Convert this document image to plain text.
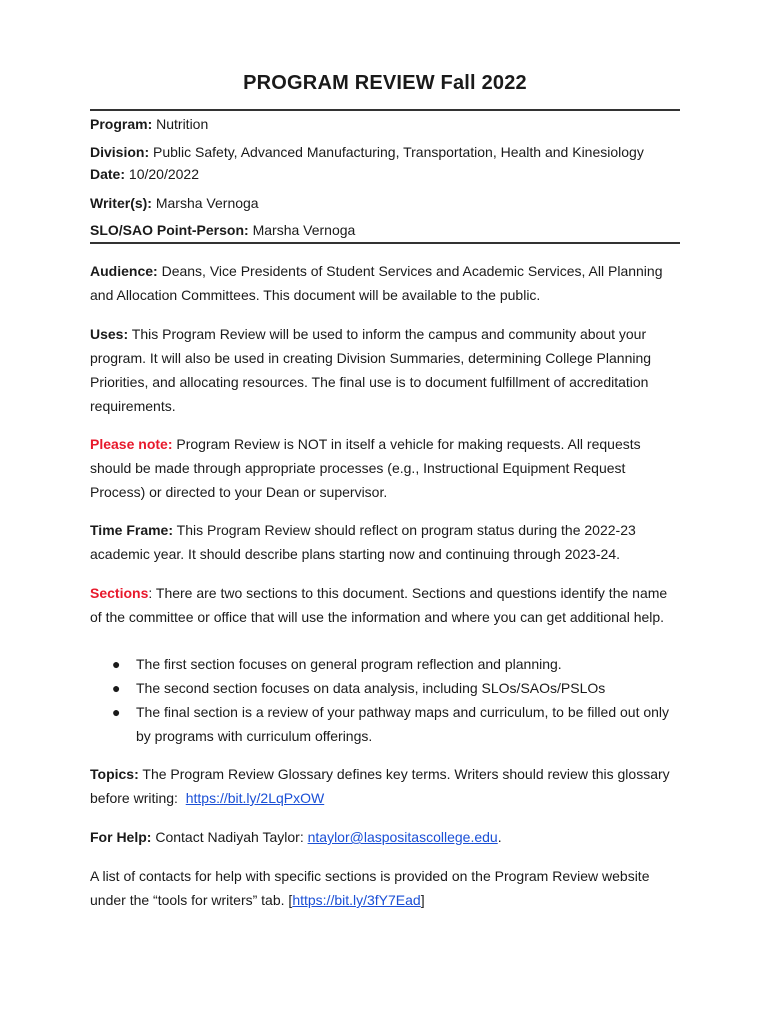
PROGRAM REVIEW Fall 2022
Program: Nutrition
Division: Public Safety, Advanced Manufacturing, Transportation, Health and Kinesiology
Date: 10/20/2022
Writer(s): Marsha Vernoga
SLO/SAO Point-Person: Marsha Vernoga

Audience: Deans, Vice Presidents of Student Services and Academic Services, All Planning and Allocation Committees. This document will be available to the public.

Uses: This Program Review will be used to inform the campus and community about your program. It will also be used in creating Division Summaries, determining College Planning Priorities, and allocating resources. The final use is to document fulfillment of accreditation requirements.

Please note: Program Review is NOT in itself a vehicle for making requests. All requests should be made through appropriate processes (e.g., Instructional Equipment Request Process) or directed to your Dean or supervisor.

Time Frame: This Program Review should reflect on program status during the 2022-23 academic year. It should describe plans starting now and continuing through 2023-24.

Sections: There are two sections to this document. Sections and questions identify the name of the committee or office that will use the information and where you can get additional help.

● The first section focuses on general program reflection and planning.
● The second section focuses on data analysis, including SLOs/SAOs/PSLOs
● The final section is a review of your pathway maps and curriculum, to be filled out only by programs with curriculum offerings.

Topics: The Program Review Glossary defines key terms. Writers should review this glossary before writing: https://bit.ly/2LqPxOW

For Help: Contact Nadiyah Taylor: ntaylor@laspositascollege.edu.

A list of contacts for help with specific sections is provided on the Program Review website under the “tools for writers” tab. [https://bit.ly/3fY7Ead]
